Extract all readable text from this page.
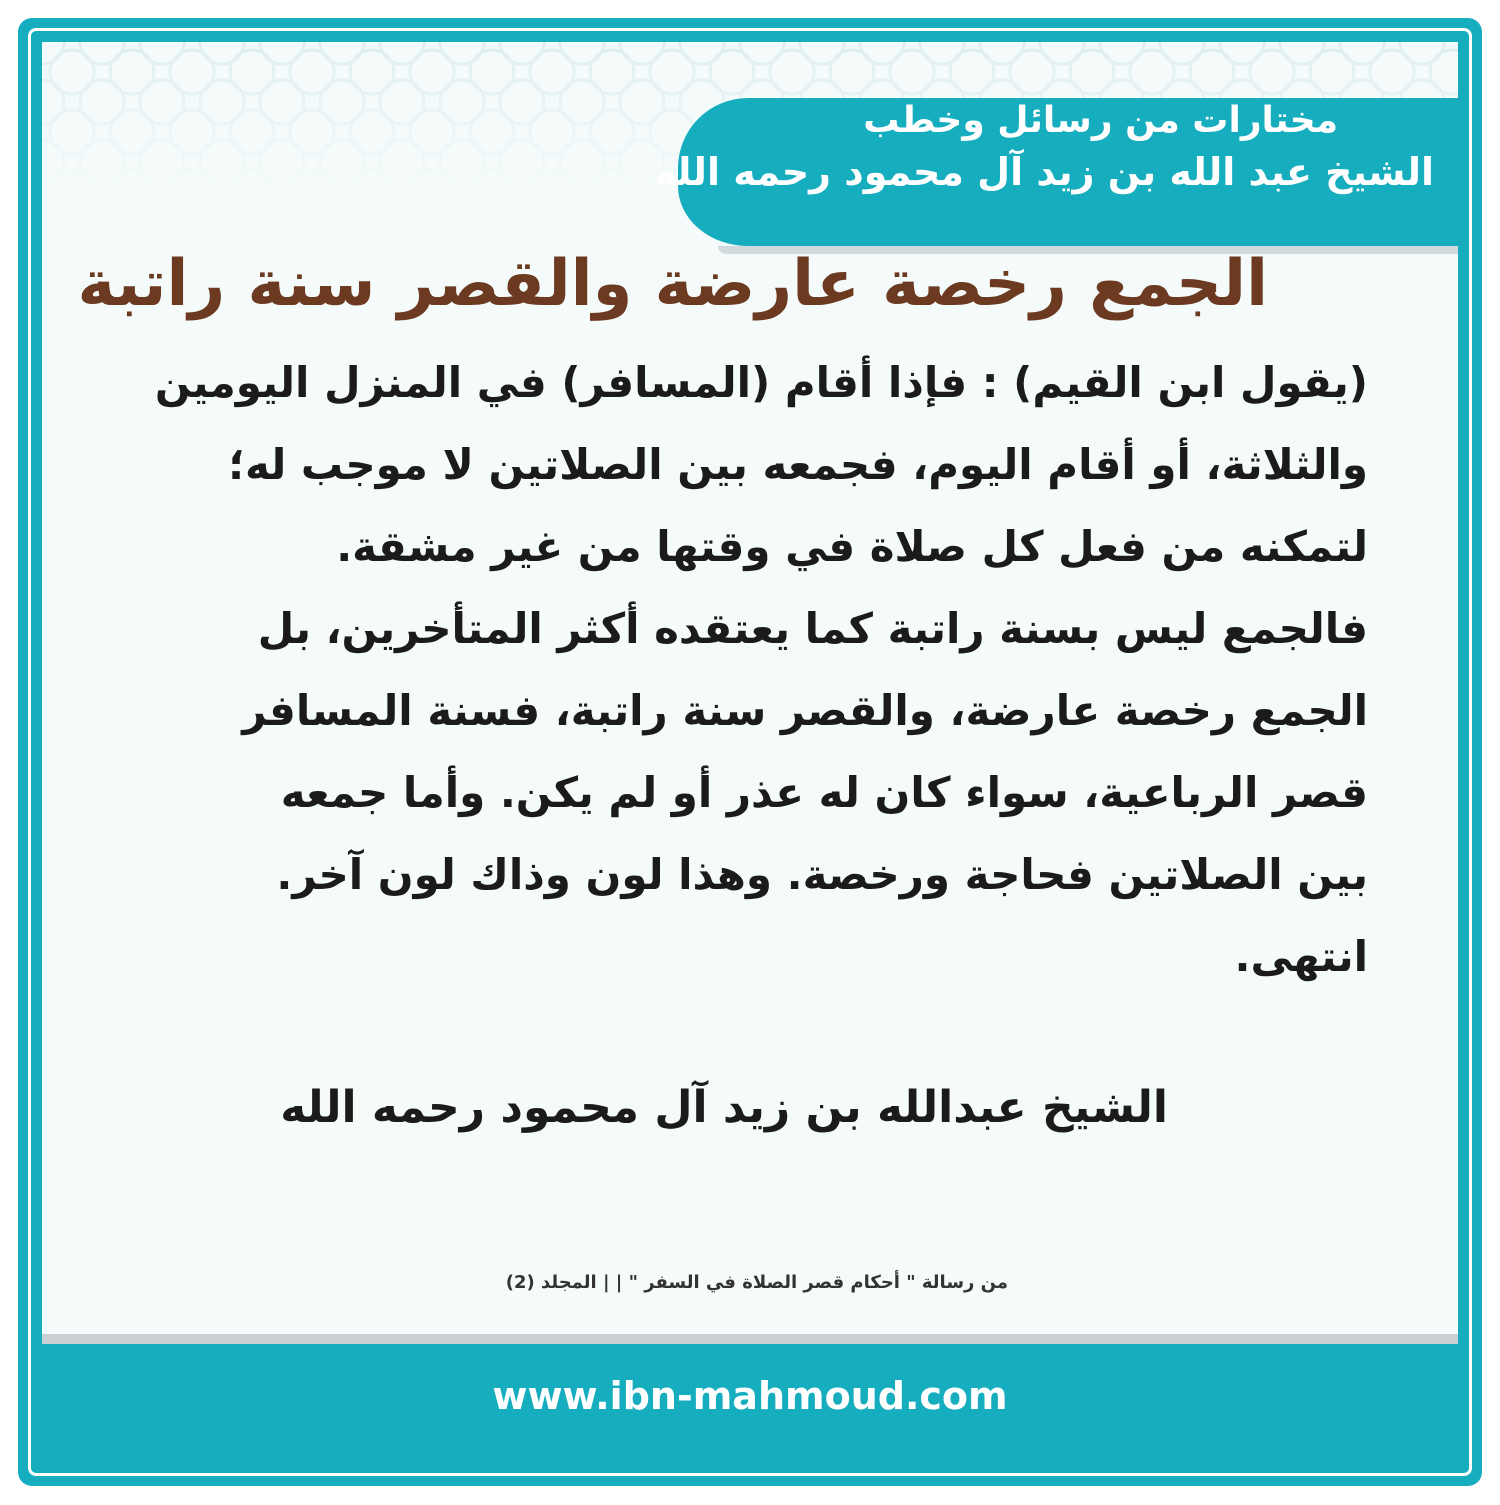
مختارات من رسائل وخطب
الشيخ عبد الله بن زيد آل محمود رحمه الله
الجمع رخصة عارضة والقصر سنة راتبة

(يقول ابن القيم) : فإذا أقام (المسافر) في المنزل اليومين

والثلاثة، أو أقام اليوم، فجمعه بين الصلاتين لا موجب له؛

لتمكنه من فعل كل صلاة في وقتها من غير مشقة.

فالجمع ليس بسنة راتبة كما يعتقده أكثر المتأخرين، بل

الجمع رخصة عارضة، والقصر سنة راتبة، فسنة المسافر

قصر الرباعية، سواء كان له عذر أو لم يكن. وأما جمعه

بين الصلاتين فحاجة ورخصة. وهذا لون وذاك لون آخر.

انتهى.

الشيخ عبدالله بن زيد آل محمود رحمه الله
من رسالة " أحكام قصر الصلاة في السفر " | | المجلد (2)
www.ibn-mahmoud.com
